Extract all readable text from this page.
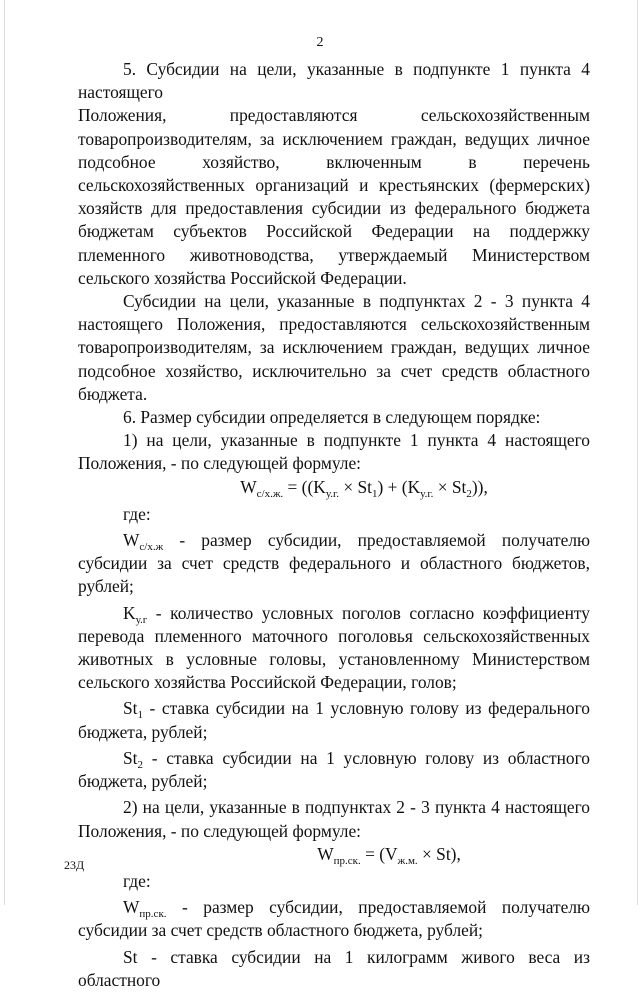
2

5. Субсидии на цели, указанные в подпункте 1 пункта 4 настоящего

Положения,	предоставляются	сельскохозяйственным

товаропроизводителям, за исключением граждан, ведущих личное подсобное хозяйство, включенным в перечень сельскохозяйственных организаций и крестьянских (фермерских) хозяйств для предоставления субсидии из федерального бюджета бюджетам субъектов Российской Федерации на поддержку племенного животноводства, утверждаемый Министерством сельского хозяйства Российской Федерации.

Субсидии на цели, указанные в подпунктах 2 - 3 пункта 4 настоящего Положения, предоставляются сельскохозяйственным товаропроизводителям, за исключением граждан, ведущих личное подсобное хозяйство, исключительно за счет средств областного бюджета.

6. Размер субсидии определяется в следующем порядке:

1) на цели, указанные в подпункте 1 пункта 4 настоящего Положения, - по следующей формуле:

$W_{с/х.ж.} = ((K_{у.г.} \times St_1) + (K_{у.г.} \times St_2))$,

где:

$W_{с/х.ж}$ - размер субсидии, предоставляемой получателю субсидии за счет средств федерального и областного бюджетов, рублей;

$K_{у.г}$ - количество условных поголов согласно коэффициенту перевода племенного маточного поголовья сельскохозяйственных животных в условные головы, установленному Министерством сельского хозяйства Российской Федерации, голов;

$St_1$ - ставка субсидии на 1 условную голову из федерального бюджета, рублей;

$St_2$ - ставка субсидии на 1 условную голову из областного бюджета, рублей;

2) на цели, указанные в подпунктах 2 - 3 пункта 4 настоящего Положения, - по следующей формуле:

$W_{пр.ск.} = (V_{ж.м.} \times St)$,

где:

$W_{пр.ск.}$ - размер субсидии, предоставляемой получателю субсидии за счет средств областного бюджета, рублей;

St - ставка субсидии на 1 килограмм живого веса из областного

23Д
